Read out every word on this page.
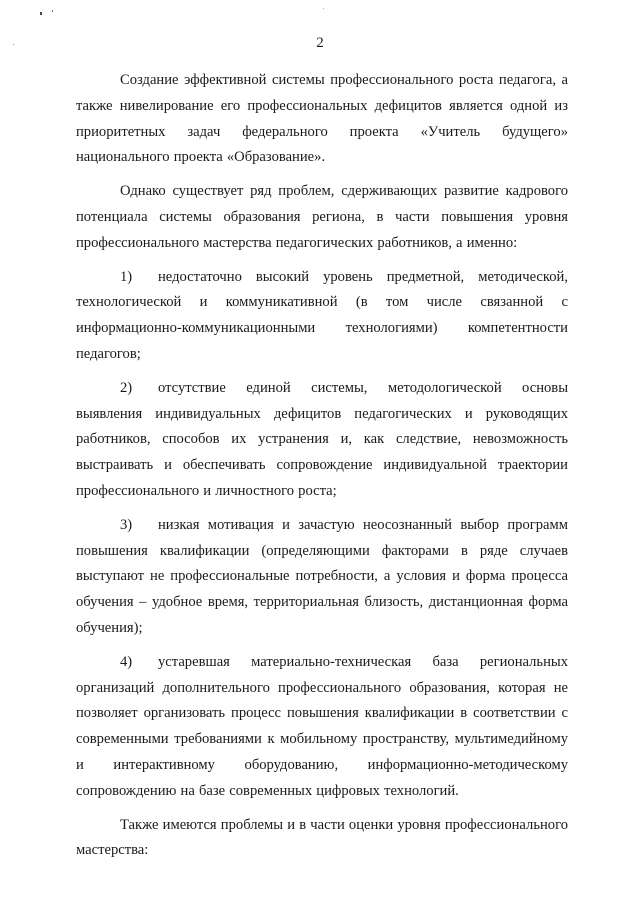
2

Создание эффективной системы профессионального роста педагога, а также нивелирование его профессиональных дефицитов является одной из приоритетных задач федерального проекта «Учитель будущего» национального проекта «Образование».

Однако существует ряд проблем, сдерживающих развитие кадрового потенциала системы образования региона, в части повышения уровня профессионального мастерства педагогических работников, а именно:

1) недостаточно высокий уровень предметной, методической, технологической и коммуникативной (в том числе связанной с информационно-коммуникационными технологиями) компетентности педагогов;

2) отсутствие единой системы, методологической основы выявления индивидуальных дефицитов педагогических и руководящих работников, способов их устранения и, как следствие, невозможность выстраивать и обеспечивать сопровождение индивидуальной траектории профессионального и личностного роста;

3) низкая мотивация и зачастую неосознанный выбор программ повышения квалификации (определяющими факторами в ряде случаев выступают не профессиональные потребности, а условия и форма процесса обучения – удобное время, территориальная близость, дистанционная форма обучения);

4) устаревшая материально-техническая база региональных организаций дополнительного профессионального образования, которая не позволяет организовать процесс повышения квалификации в соответствии с современными требованиями к мобильному пространству, мультимедийному и интерактивному оборудованию, информационно-методическому сопровождению на базе современных цифровых технологий.

Также имеются проблемы и в части оценки уровня профессионального мастерства:
